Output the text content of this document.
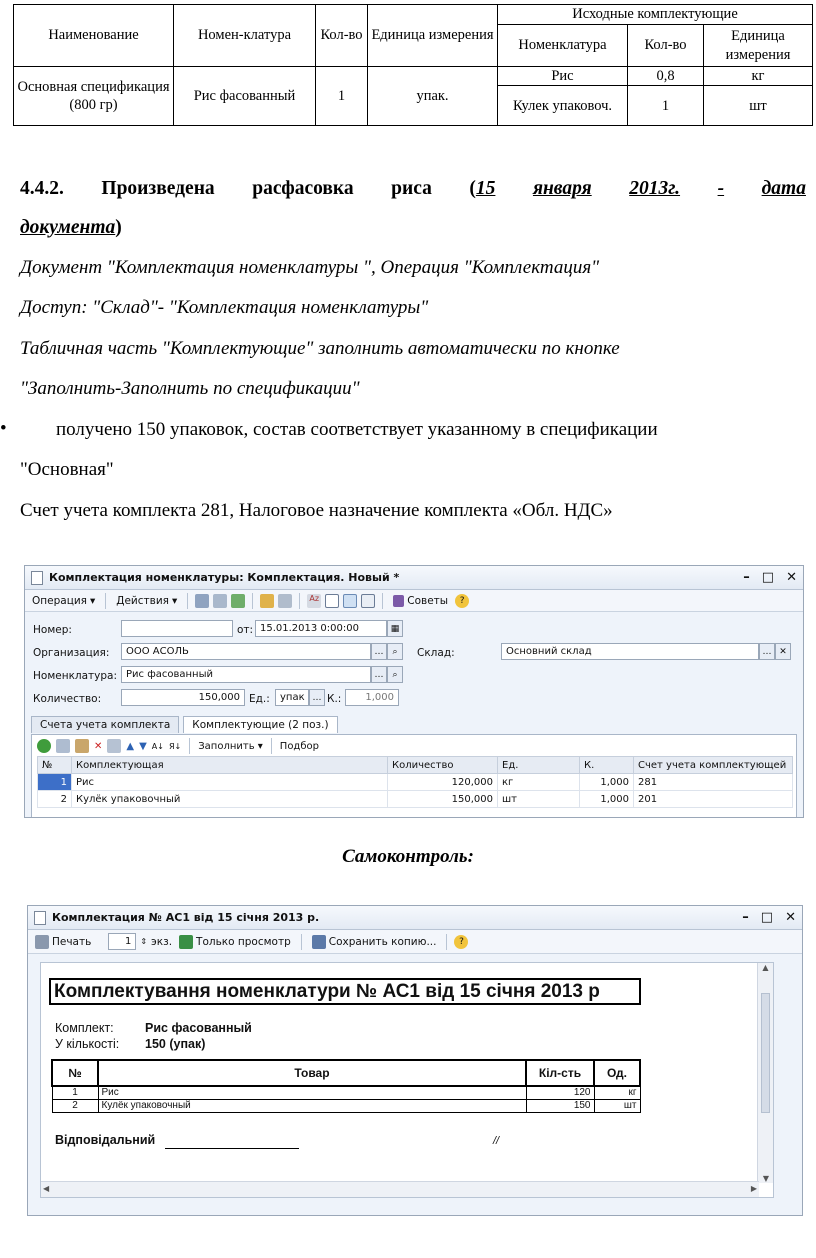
Наименование	Номен-клатура	Кол-во	Единица измерения	Исходные комплектующие		
				Номенклатура	Кол-во	Единица измерения
Основная спецификация (800 гр)	Рис фасованный	1	упак.	Рис	0,8	кг
				Кулек упаковоч.	1	шт
4.4.2. Произведена расфасовка риса (15 января 2013г. - дата
документа)
Документ "Комплектация номенклатуры ", Операция "Комплектация"
Доступ: "Склад"- "Комплектация номенклатуры"
Табличная часть "Комплектующие" заполнить автоматически по кнопке
"Заполнить-Заполнить по спецификации"
•	получено 150 упаковок, состав соответствует указанному в спецификации
"Основная"
Счет учета комплекта 281, Налоговое назначение комплекта «Обл. НДС»
Комплектация номенклатуры: Комплектация. Новый *	– □ ✕
Операция ▾ Действия ▾	Az	Советы	?
Номер:	от: 15.01.2013 0:00:00	▦
Организация:	ООО АСОЛЬ	… ⌕	Склад:	Основний склад	… ✕
Номенклатура: Рис фасованный	… ⌕
Количество:	150,000 Ед.:	упак … К.:	1,000
Счета учета комплекта	Комплектующие (2 поз.)
✕ ▲ ▼ A↓ Я↓ Заполнить ▾ Подбор
№	Комплектующая	Количество	Ед.	К.	Счет учета комплектующей
1	Рис	120,000	кг	1,000	281
2	Кулёк упаковочный	150,000	шт	1,000	201
Самоконтроль:
Комплектация № АС1 від 15 січня 2013 р.	– □ ✕
Печать	1	⇕ экз. Только просмотр	Сохранить копию...	?
Комплектування номенклатури № АС1 від 15 січня 2013 р
Комплект:	Рис фасованный
У кількості: 150 (упак)
№	Товар	Кіл-сть	Од.
1	Рис	120	кг
2	Кулёк упаковочный	150	шт
Відповідальний	//
▲
▼
◀	▶
